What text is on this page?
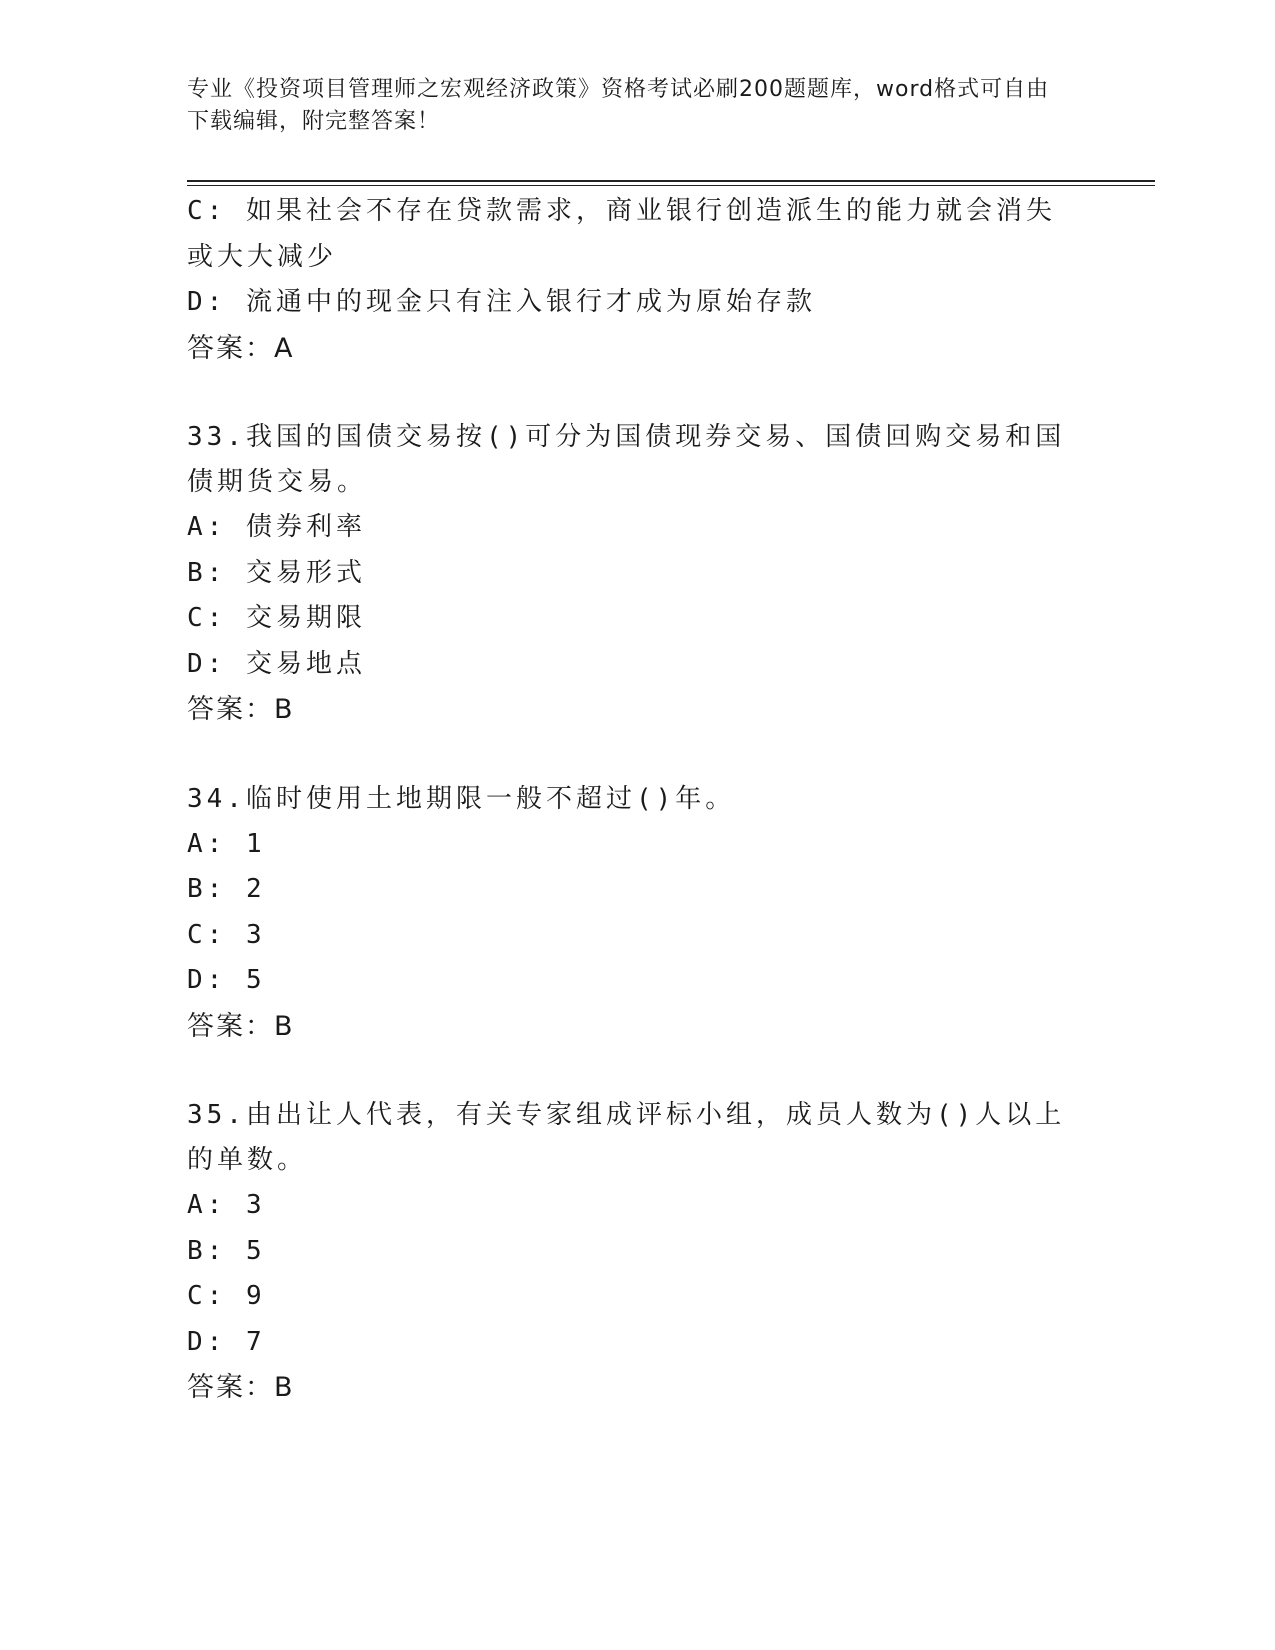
专业《投资项目管理师之宏观经济政策》资格考试必刷200题题库，word格式可自由下载编辑，附完整答案！
C: 如果社会不存在贷款需求，商业银行创造派生的能力就会消失或大大减少
D: 流通中的现金只有注入银行才成为原始存款
答案：A
33.我国的国债交易按()可分为国债现券交易、国债回购交易和国债期货交易。
A: 债券利率
B: 交易形式
C: 交易期限
D: 交易地点
答案：B
34.临时使用土地期限一般不超过()年。
A: 1
B: 2
C: 3
D: 5
答案：B
35.由出让人代表，有关专家组成评标小组，成员人数为()人以上的单数。
A: 3
B: 5
C: 9
D: 7
答案：B
